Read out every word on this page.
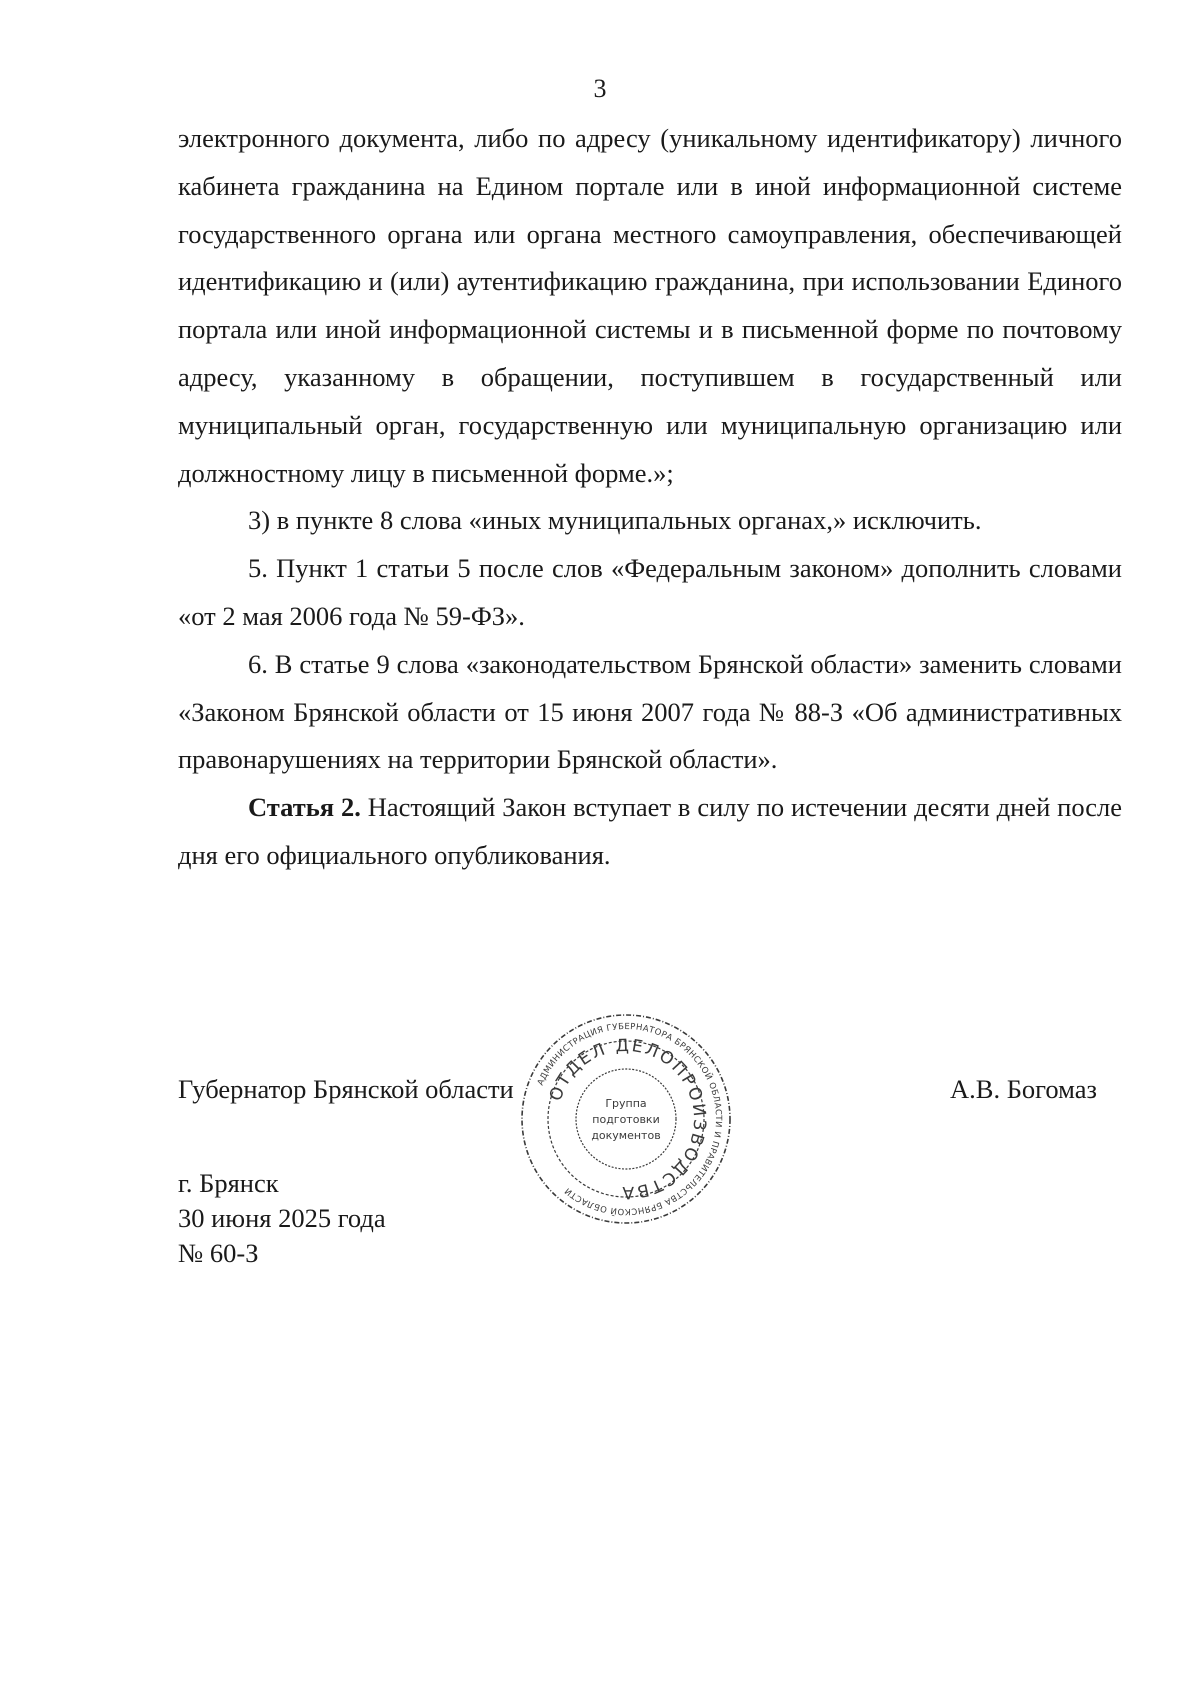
3

электронного документа, либо по адресу (уникальному идентификатору) личного кабинета гражданина на Едином портале или в иной информационной системе государственного органа или органа местного самоуправления, обеспечивающей идентификацию и (или) аутентификацию гражданина, при использовании Единого портала или иной информационной системы и в письменной форме по почтовому адресу, указанному в обращении, поступившем в государственный или муниципальный орган, государственную или муниципальную организацию или должностному лицу в письменной форме.»;

3) в пункте 8 слова «иных муниципальных органах,» исключить.

5. Пункт 1 статьи 5 после слов «Федеральным законом» дополнить словами «от 2 мая 2006 года № 59-ФЗ».

6. В статье 9 слова «законодательством Брянской области» заменить словами «Законом Брянской области от 15 июня 2007 года № 88-З «Об административных правонарушениях на территории Брянской области».

Статья 2. Настоящий Закон вступает в силу по истечении десяти дней после дня его официального опубликования.

Губернатор Брянской области	А.В. Богомаз
АДМИНИСТРАЦИЯ ГУБЕРНАТОРА БРЯНСКОЙ ОБЛАСТИ И ПРАВИТЕЛЬСТВА БРЯНСКОЙ ОБЛАСТИ
ОТДЕЛ ДЕЛОПРОИЗВОДСТВА
Группа
подготовки
документов
г. Брянск
30 июня 2025 года
№ 60-З
